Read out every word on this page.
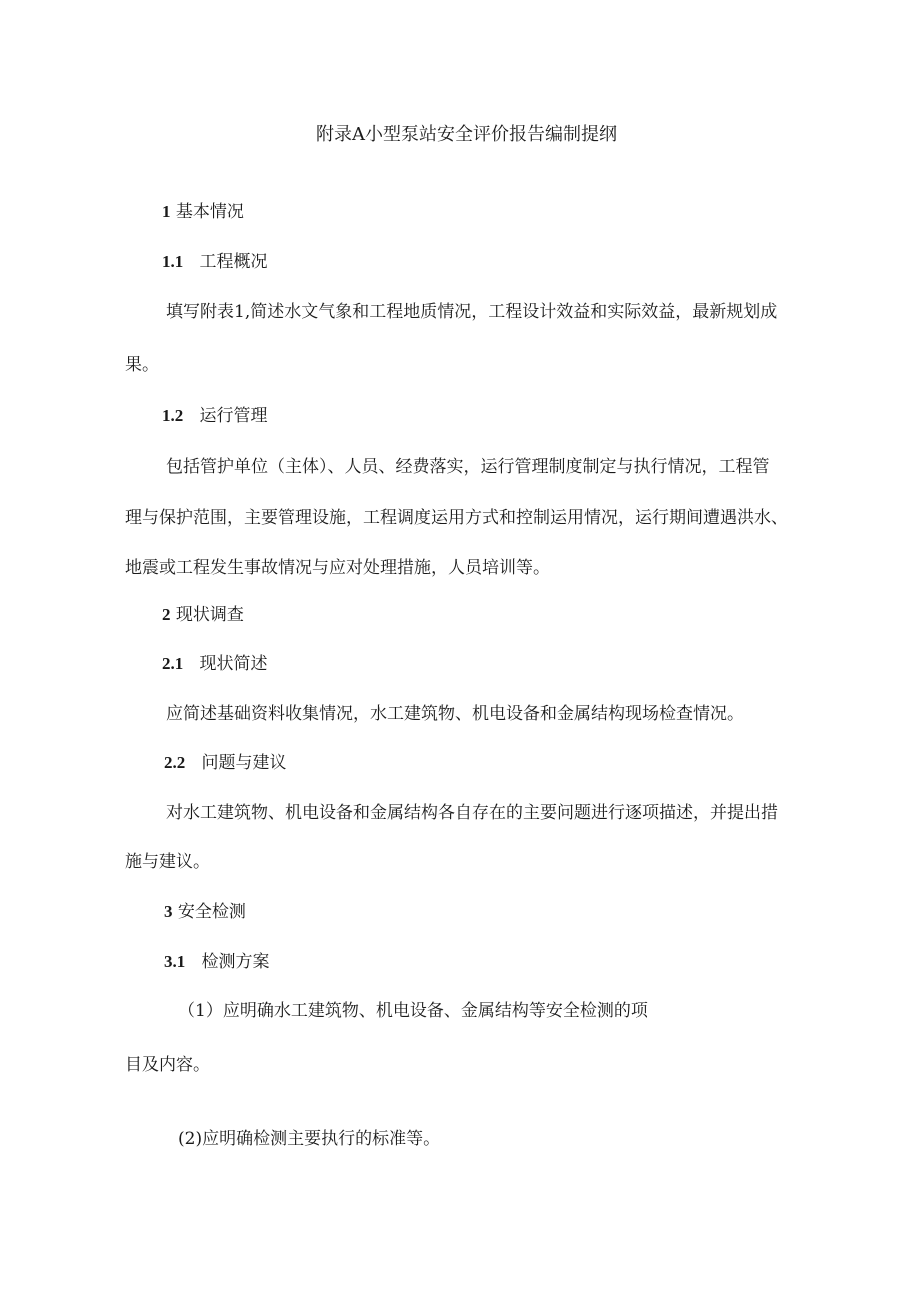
附录A小型泵站安全评价报告编制提纲
1 基本情况
1.1 工程概况
填写附表1,简述水文气象和工程地质情况，工程设计效益和实际效益，最新规划成
果。
1.2 运行管理
包括管护单位（主体）、人员、经费落实，运行管理制度制定与执行情况，工程管
理与保护范围，主要管理设施，工程调度运用方式和控制运用情况，运行期间遭遇洪水、
地震或工程发生事故情况与应对处理措施，人员培训等。
2 现状调查
2.1 现状简述
应简述基础资料收集情况，水工建筑物、机电设备和金属结构现场检查情况。
2.2 问题与建议
对水工建筑物、机电设备和金属结构各自存在的主要问题进行逐项描述，并提出措
施与建议。
3 安全检测
3.1 检测方案
（1）应明确水工建筑物、机电设备、金属结构等安全检测的项
目及内容。
(2)应明确检测主要执行的标准等。
